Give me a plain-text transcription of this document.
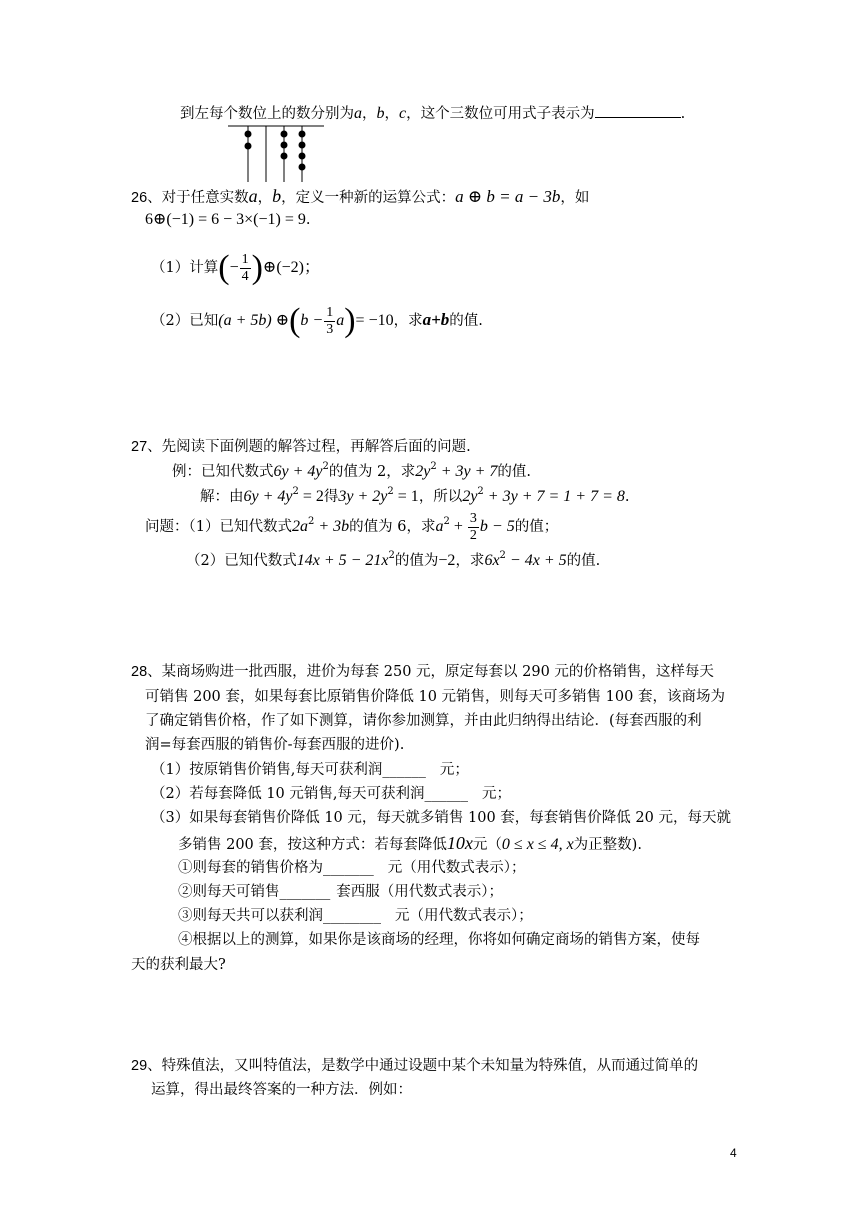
到左每个数位上的数分别为a，b，c，这个三数位可用式子表示为	.
26、对于任意实数a，b，定义一种新的运算公式：a ⊕ b = a − 3b，如
6⊕(−1) = 6 − 3×(−1) = 9.
（1）计算(− $\frac{1}{4}$ )⊕(−2)；
（2）已知(a + 5b) ⊕(b − $\frac{1}{3} a)= -10$，求a+b的值.
27、先阅读下面例题的解答过程，再解答后面的问题.
例：已知代数式$6y + 4y^2$的值为 2，求$2y^2 + 3y + 7$的值.
解：由$6y + 4y^2 = 2$得$3y + 2y^2 = 1$，所以$2y^2 + 3y + 7 = 1 + 7 = 8$.
问题：（1）已知代数式$2a^2 + 3b$的值为 6，求$a^2 + \frac{3}{2}$ b − 5的值；
（2）已知代数式$14x + 5 - 21x^2$的值为−2，求$6x^2 - 4x + 5$的值.
28、某商场购进一批西服，进价为每套 250 元，原定每套以 290 元的价格销售，这样每天
可销售 200 套，如果每套比原销售价降低 10 元销售，则每天可多销售 100 套，该商场为
了确定销售价格，作了如下测算，请你参加测算，并由此归纳得出结论．(每套西服的利
润=每套西服的销售价-每套西服的进价).
（1）按原销售价销售,每天可获利润______ 元；
（2）若每套降低 10 元销售,每天可获利润______ 元；
（3）如果每套销售价降低 10 元，每天就多销售 100 套，每套销售价降低 20 元，每天就
多销售 200 套，按这种方式：若每套降低10x元（0 ≤ x ≤ 4, x为正整数).
①则每套的销售价格为_______ 元（用代数式表示）；
②则每天可销售_______ 套西服（用代数式表示）；
③则每天共可以获利润________ 元（用代数式表示）；
④根据以上的测算，如果你是该商场的经理，你将如何确定商场的销售方案，使每
天的获利最大?
29、特殊值法，又叫特值法，是数学中通过设题中某个未知量为特殊值，从而通过简单的
运算，得出最终答案的一种方法．例如：
4
